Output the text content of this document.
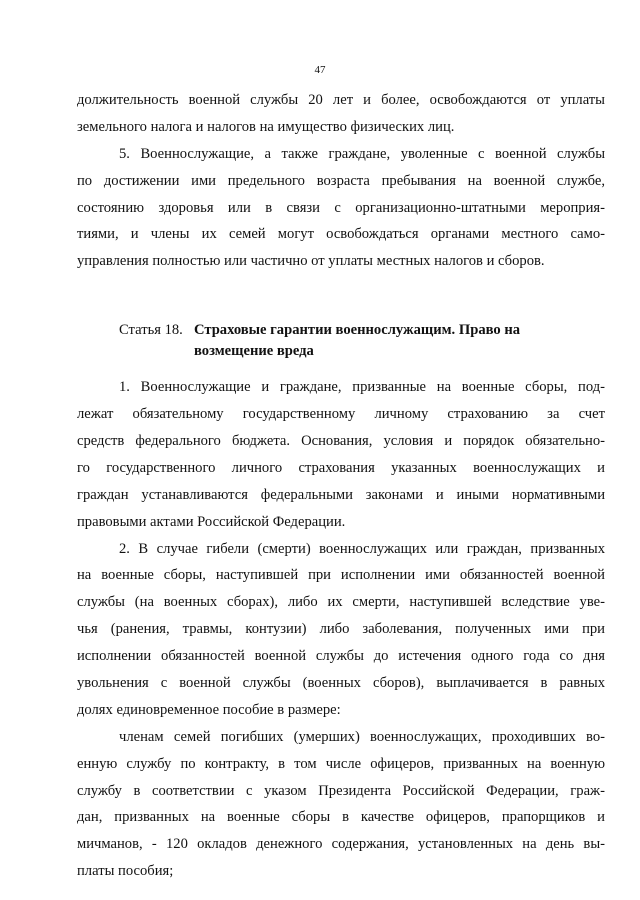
47
должительность военной службы 20 лет и более, освобождаются от уплаты
земельного налога и налогов на имущество физических лиц.
5. Военнослужащие, а также граждане, уволенные с военной службы
по достижении ими предельного возраста пребывания на военной службе,
состоянию здоровья или в связи с организационно-штатными мероприя-
тиями, и члены их семей могут освобождаться органами местного само-
управления полностью или частично от уплаты местных налогов и сборов.
Статья 18. Страховые гарантии военнослужащим. Право на
возмещение вреда
1. Военнослужащие и граждане, призванные на военные сборы, под-
лежат обязательному государственному личному страхованию за счет
средств федерального бюджета. Основания, условия и порядок обязательно-
го государственного личного страхования указанных военнослужащих и
граждан устанавливаются федеральными законами и иными нормативными
правовыми актами Российской Федерации.
2. В случае гибели (смерти) военнослужащих или граждан, призванных
на военные сборы, наступившей при исполнении ими обязанностей военной
службы (на военных сборах), либо их смерти, наступившей вследствие уве-
чья (ранения, травмы, контузии) либо заболевания, полученных ими при
исполнении обязанностей военной службы до истечения одного года со дня
увольнения с военной службы (военных сборов), выплачивается в равных
долях единовременное пособие в размере:
членам семей погибших (умерших) военнослужащих, проходивших во-
енную службу по контракту, в том числе офицеров, призванных на военную
службу в соответствии с указом Президента Российской Федерации, граж-
дан, призванных на военные сборы в качестве офицеров, прапорщиков и
мичманов, - 120 окладов денежного содержания, установленных на день вы-
платы пособия;
